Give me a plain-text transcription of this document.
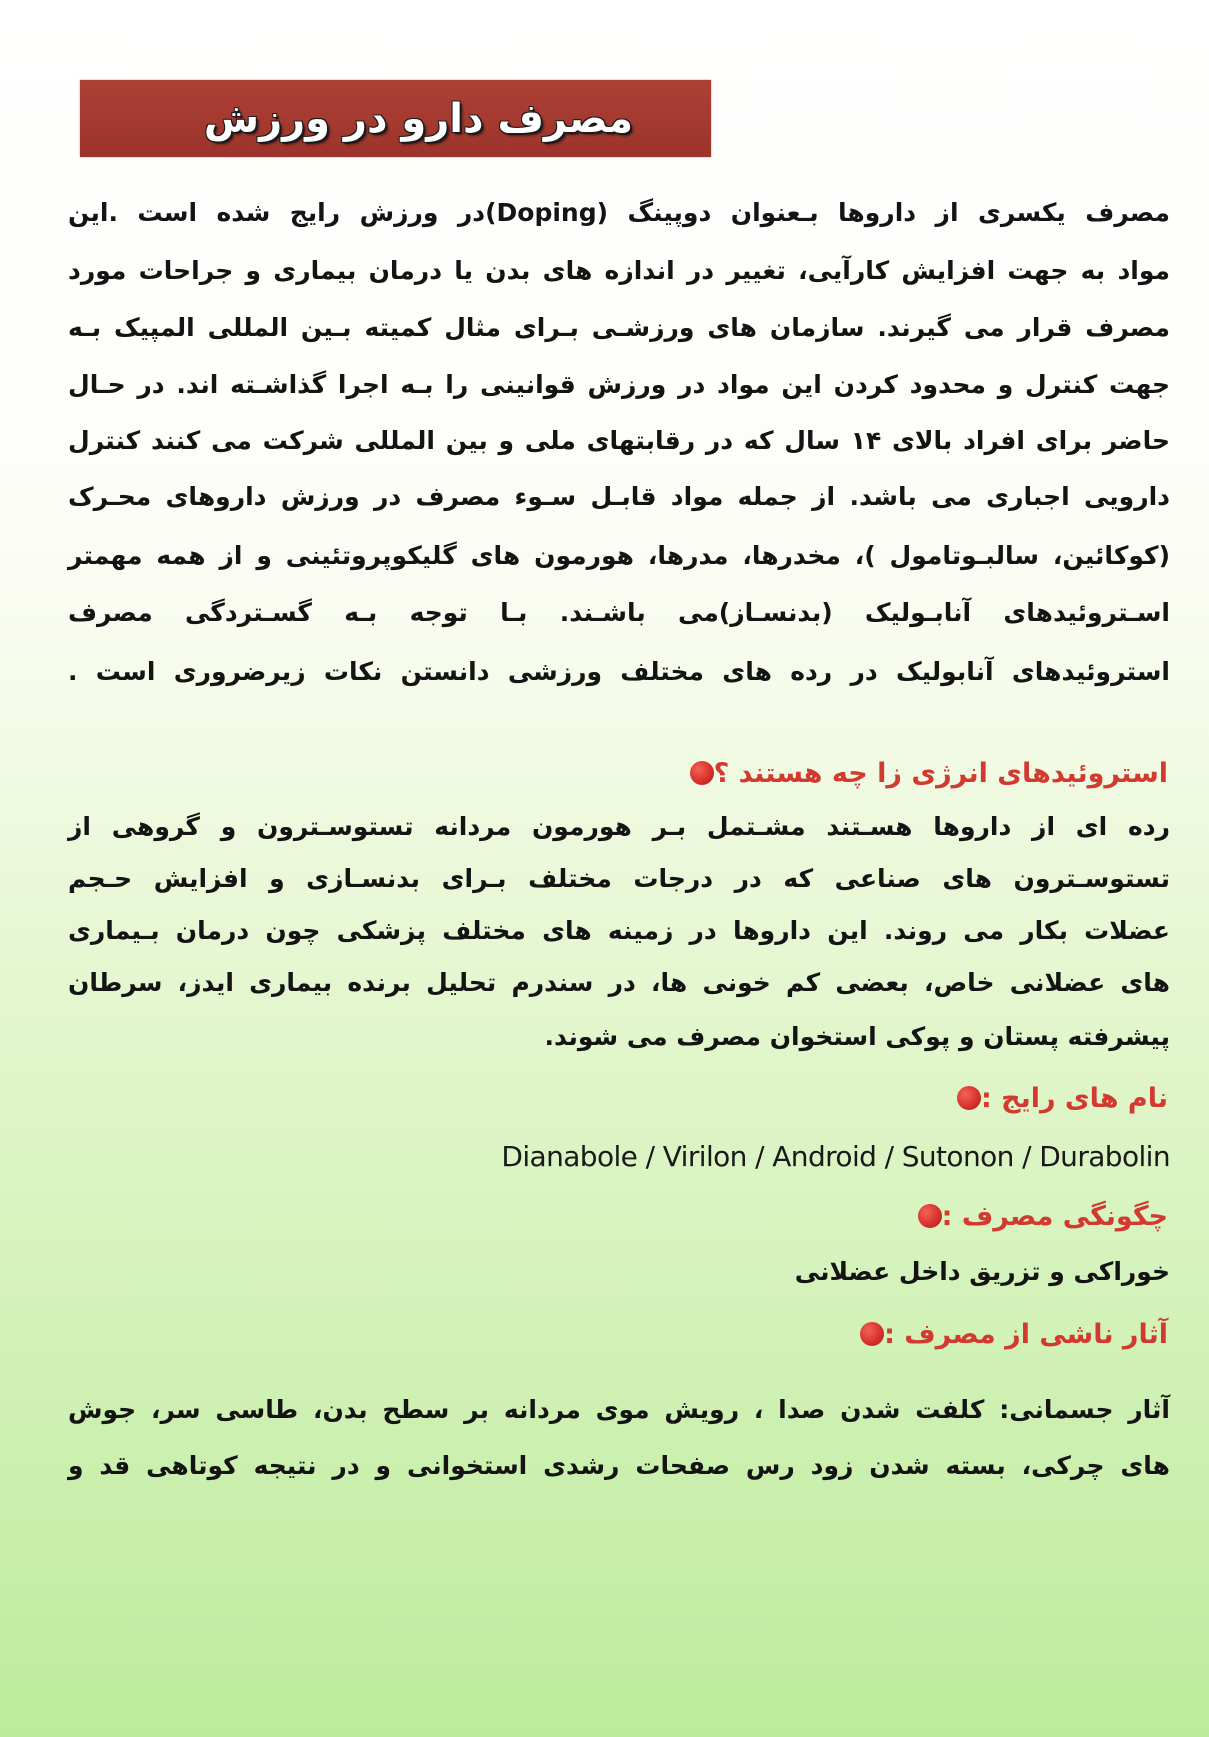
مصرف دارو در ورزش
مصرف یکسری از داروها بـعنوان دوپینگ (Doping)در ورزش رایج شده است .این
مواد به جهت افزایش کارآیی، تغییر در اندازه های بدن یا درمان بیماری و جراحات مورد
مصرف قرار می گیرند. سازمان های ورزشـی بـرای مثال کمیته بـین المللی المپیک بـه
جهت کنترل و محدود کردن این مواد در ورزش قوانینی را بـه اجرا گذاشـته اند. در حـال
حاضر برای افراد بالای ۱۴ سال که در رقابتهای ملی و بین المللی شرکت می کنند کنترل
دارویی اجباری می باشد. از جمله مواد قابـل سـوء مصرف در ورزش داروهای محـرک
(کوکائین، سالبـوتامول )، مخدرها، مدرها، هورمون های گلیکوپروتئینی و از همه مهمتر
اسـتروئیدهای آنابـولیک (بدنسـاز)می باشـند. بـا توجه بـه گسـتردگی مصرف
استروئیدهای آنابولیک در رده های مختلف ورزشی دانستن نکات زیرضروری است .
استروئیدهای انرژی زا چه هستند ؟
رده ای از داروها هسـتند مشـتمل بـر هورمون مردانه تستوسـترون و گروهی از
تستوسـترون های صناعی که در درجات مختلف بـرای بدنسـازی و افزایش حـجم
عضلات بکار می روند. این داروها در زمینه های مختلف پزشکی چون درمان بـیماری
های عضلانی خاص، بعضی کم خونی ها، در سندرم تحلیل برنده بیماری ایدز، سرطان
پیشرفته پستان و پوکی استخوان مصرف می شوند.
نام های رایج :
Dianabole / Virilon / Android / Sutonon / Durabolin
چگونگی مصرف :
خوراکی و تزریق داخل عضلانی
آثار ناشی از مصرف :
آثار جسمانی: کلفت شدن صدا ، رویش موی مردانه بر سطح بدن، طاسی سر، جوش
های چرکی، بسته شدن زود رس صفحات رشدی استخوانی و در نتیجه کوتاهی قد و
